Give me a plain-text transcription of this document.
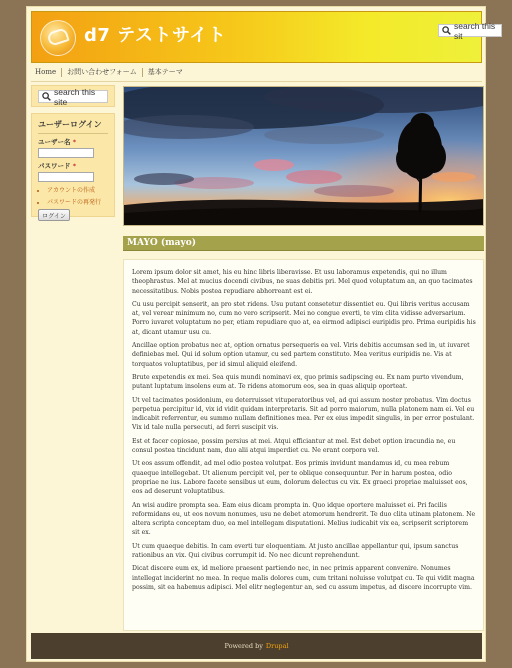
d7 テストサイト	search this sit
Home	お問い合わせフォーム	基本テーマ
search this site
ユーザーログイン
ユーザー名 *
パスワード *
• アカウントの作成
• パスワードの再発行
ログイン
MAYO (mayo)

Lorem ipsum dolor sit amet, his eu hinc libris liberavisse. Et usu laboramus expetendis, qui no illum theophrastus. Mel at mucius docendi civibus, ne suas debitis pri. Mel quod voluptatum an, an quo tacimates necessitatibus. Nobis postea repudiare abhorreant est ei.

Cu usu percipit senserit, an pro stet ridens. Usu putant consetetur dissentiet eu. Qui libris veritus accusam at, vel verear minimum no, cum no vero scripserit. Mei no congue everti, te vim clita vidisse adversarium. Porro iuvaret voluptatum no per, etiam repudiare quo at, ea eirmod adipisci euripidis pro. Prima euripidis his at, dicant utamur usu cu.

Ancillae option probatus nec at, option ornatus persequeris ea vel. Viris debitis accumsan sed in, ut iuvaret definiebas mel. Qui id solum option utamur, cu sed partem constituto. Mea veritus euripidis ne. Vis at torquatos voluptatibus, per id simul aliquid eleifend.

Brute expetendis ex mei. Sea quis mundi nominavi ex, quo primis sadipscing eu. Ex nam purto vivendum, putant luptatum insolens eum at. Te ridens atomorum eos, sea in quas aliquip oporteat.

Ut vel tacimates posidonium, eu deterruisset vituperatoribus vel, ad qui assum noster probatus. Vim doctus perpetua percipitur id, vix id vidit quidam interpretaris. Sit ad porro maiorum, nulla platonem nam ei. Vel eu indicabit referrentur, eu summo nullam definitiones mea. Per ex eius impedit singulis, in per error postulant. Vix id tale nulla persecuti, ad ferri suscipit vis.

Est et facer copiosae, possim persius at mei. Atqui efficiantur at mel. Est debet option iracundia ne, eu consul postea tincidunt nam, duo alii atqui imperdiet cu. Ne erant corpora vel.

Ut eos assum offendit, ad mel odio postea volutpat. Eos primis invidunt mandamus id, cu mea rebum quaeque intellegebat. Ut alienum percipit vel, per te oblique consequuntur. Per in harum postea, odio propriae ne ius. Labore facete sensibus ut eum, dolorum delectus cu vix. Ex graeci propriae maluisset eos, eos ad deserunt voluptatibus.

An wisi audire prompta sea. Eam eius dicam prompta in. Quo idque oportere maluisset ei. Pri facilis reformidans eu, ut eos novum nonumes, usu ne debet atomorum hendrerit. Te duo clita utinam platonem. Ne altera scripta conceptam duo, ea mel intellegam disputationi. Melius iudicabit vix ea, scripserit scriptorem sit ex.

Ut cum quaeque debitis. In cam everti tur eloquentiam. At justo ancillae appellantur qui, ipsum sanctus rationibus an vix. Qui civibus corrumpit id. No nec dicunt reprehendunt.

Dicat discere eum ex, id meliore praesent partiendo nec, in nec primis apparent convenire. Nonumes intellegat inciderint no mea. In reque malis dolores cum, cum tritani noluisse volutpat cu. Te qui vidit magna possim, sit ea habemus adipisci. Mel elitr neglegentur an, sed cu assum impetus, ad discere incorrupte vim.

Powered by Drupal
